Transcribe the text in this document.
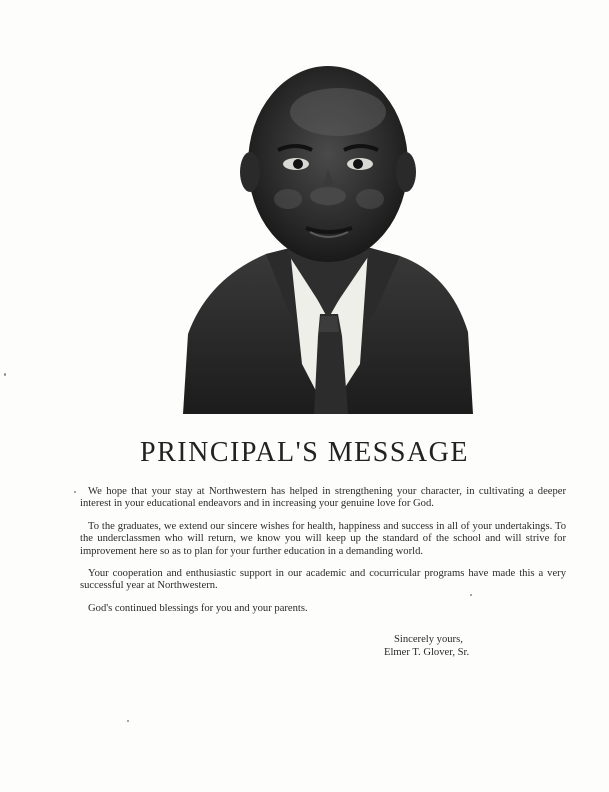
PRINCIPAL'S MESSAGE

We hope that your stay at Northwestern has helped in strengthening your character, in cultivating a deeper interest in your educational endeavors and in increasing your genuine love for God.

To the graduates, we extend our sincere wishes for health, happiness and success in all of your undertakings. To the underclassmen who will return, we know you will keep up the standard of the school and will strive for improvement here so as to plan for your further education in a demanding world.

Your cooperation and enthusiastic support in our academic and cocurricular programs have made this a very successful year at Northwestern.

God's continued blessings for you and your parents.

Sincerely yours,
Elmer T. Glover, Sr.
